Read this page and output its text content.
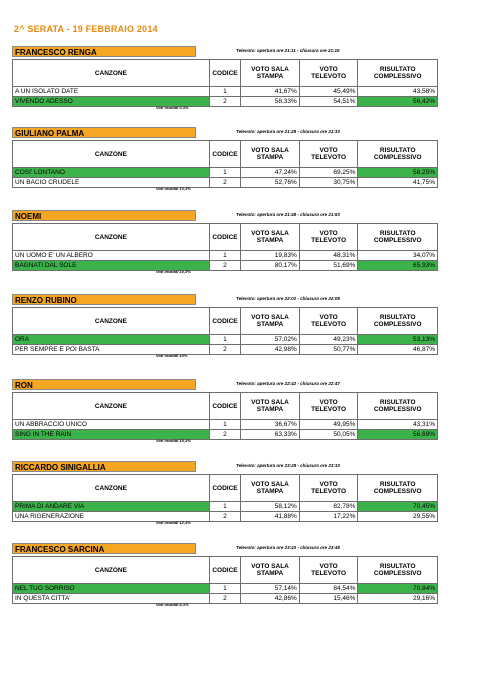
2^ SERATA - 19 FEBBRAIO 2014
FRANCESCO RENGA	Televoto: apertura ore 21:11 - chiusura ore 21:16
CANZONE	CODICE	VOTO SALA STAMPA	VOTO TELEVOTO	RISULTATO COMPLESSIVO
A UN ISOLATO DATE	1	41,67%	45,49%	43,58%
VIVENDO ADESSO	2	58,33%	54,51%	56,42%
Voti invalidi 0,3%
GIULIANO PALMA	Televoto: apertura ore 21:28 - chiusura ore 21:33
CANZONE	CODICE	VOTO SALA STAMPA	VOTO TELEVOTO	RISULTATO COMPLESSIVO
COSI' LONTANO	1	47,24%	69,25%	58,25%
UN BACIO CRUDELE	2	52,76%	30,75%	41,75%
Voti invalidi 13,3%
NOEMI	Televoto: apertura ore 21:48 - chiusura ore 21:53
CANZONE	CODICE	VOTO SALA STAMPA	VOTO TELEVOTO	RISULTATO COMPLESSIVO
UN UOMO E' UN ALBERO	1	19,83%	48,31%	34,07%
BAGNATI DAL SOLE	2	80,17%	51,69%	65,93%
Voti invalidi 10,3%
RENZO RUBINO	Televoto: apertura ore 22:02 - chiusura ore 22:08
CANZONE	CODICE	VOTO SALA STAMPA	VOTO TELEVOTO	RISULTATO COMPLESSIVO
ORA	1	57,02%	49,23%	53,13%
PER SEMPRE E POI BASTA	2	42,98%	50,77%	46,87%
Voti invalidi 10%
RON	Televoto: apertura ore 22:42 - chiusura ore 22:47
CANZONE	CODICE	VOTO SALA STAMPA	VOTO TELEVOTO	RISULTATO COMPLESSIVO
UN ABBRACCIO UNICO	1	36,67%	49,95%	43,31%
SING IN THE RAIN	2	63,33%	50,05%	56,69%
Voti invalidi 18,3%
RICCARDO SINIGALLIA	Televoto: apertura ore 23:28 - chiusura ore 23:33
CANZONE	CODICE	VOTO SALA STAMPA	VOTO TELEVOTO	RISULTATO COMPLESSIVO
PRIMA DI ANDARE VIA	1	58,12%	82,78%	70,45%
UNA RIGENERAZIONE	2	41,88%	17,22%	29,55%
Voti invalidi 12,4%
FRANCESCO SARCINA	Televoto: apertura ore 23:43 - chiusura ore 23:48
CANZONE	CODICE	VOTO SALA STAMPA	VOTO TELEVOTO	RISULTATO COMPLESSIVO
NEL TUO SORRISO	1	57,14%	84,54%	70,84%
IN QUESTA CITTA'	2	42,86%	15,46%	29,16%
Voti invalidi 8,3%
